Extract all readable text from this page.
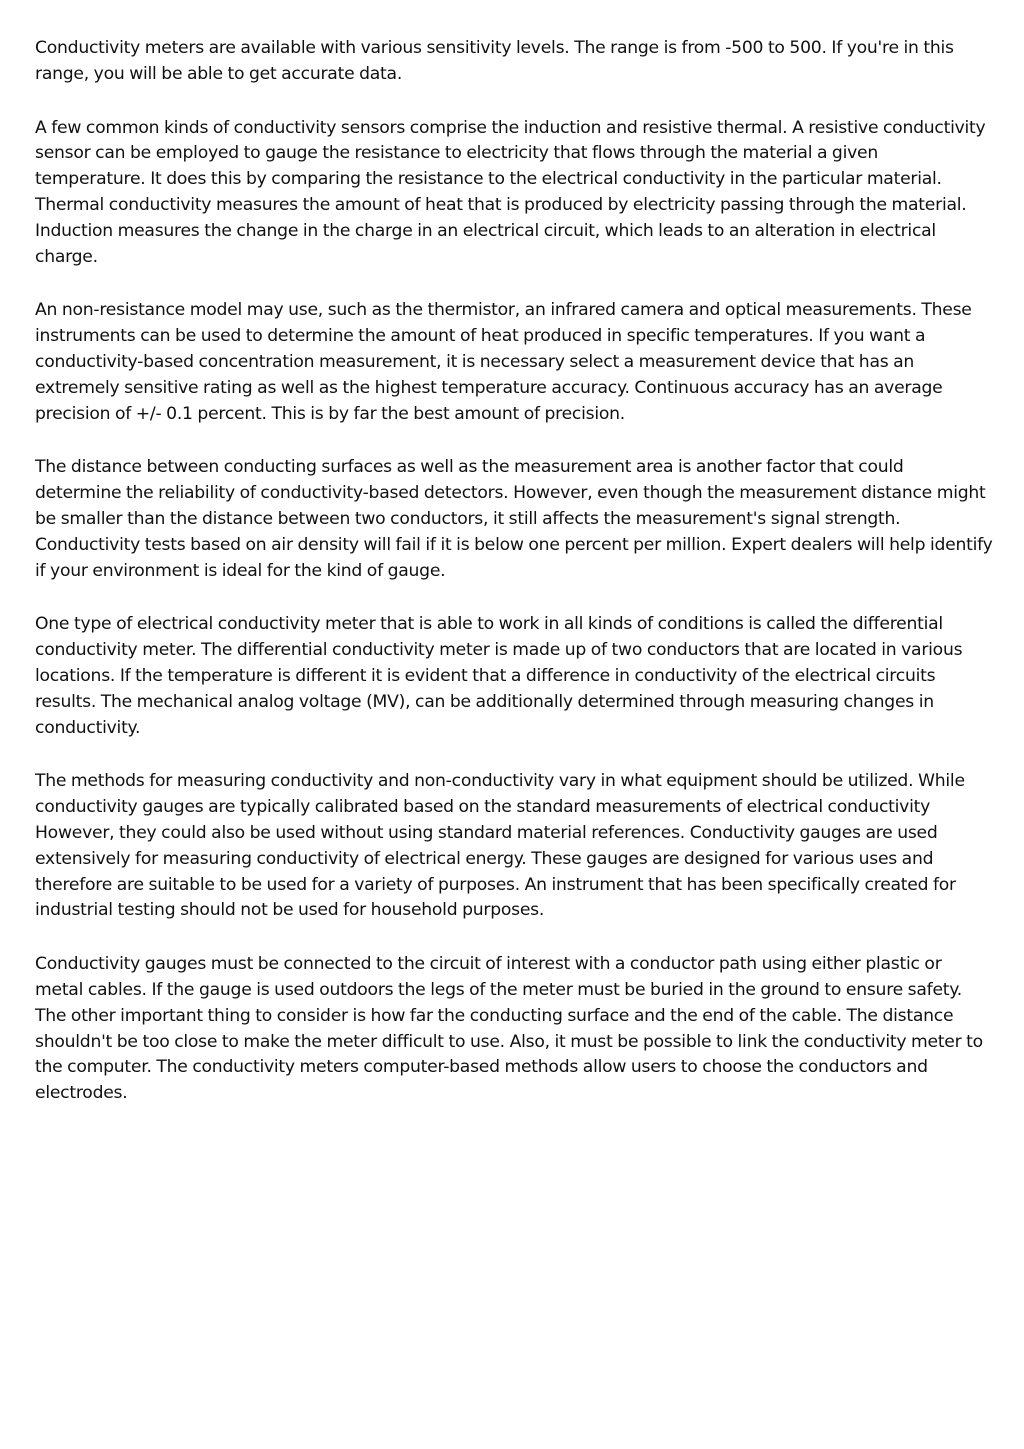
Conductivity meters are available with various sensitivity levels. The range is from -500 to 500. If you're in this range, you will be able to get accurate data.

A few common kinds of conductivity sensors comprise the induction and resistive thermal. A resistive conductivity sensor can be employed to gauge the resistance to electricity that flows through the material a given temperature. It does this by comparing the resistance to the electrical conductivity in the particular material. Thermal conductivity measures the amount of heat that is produced by electricity passing through the material. Induction measures the change in the charge in an electrical circuit, which leads to an alteration in electrical charge.

An non-resistance model may use, such as the thermistor, an infrared camera and optical measurements. These instruments can be used to determine the amount of heat produced in specific temperatures. If you want a conductivity-based concentration measurement, it is necessary select a measurement device that has an extremely sensitive rating as well as the highest temperature accuracy. Continuous accuracy has an average precision of +/- 0.1 percent. This is by far the best amount of precision.

The distance between conducting surfaces as well as the measurement area is another factor that could determine the reliability of conductivity-based detectors. However, even though the measurement distance might be smaller than the distance between two conductors, it still affects the measurement's signal strength. Conductivity tests based on air density will fail if it is below one percent per million. Expert dealers will help identify if your environment is ideal for the kind of gauge.

One type of electrical conductivity meter that is able to work in all kinds of conditions is called the differential conductivity meter. The differential conductivity meter is made up of two conductors that are located in various locations. If the temperature is different it is evident that a difference in conductivity of the electrical circuits results. The mechanical analog voltage (MV), can be additionally determined through measuring changes in conductivity.

The methods for measuring conductivity and non-conductivity vary in what equipment should be utilized. While conductivity gauges are typically calibrated based on the standard measurements of electrical conductivity However, they could also be used without using standard material references. Conductivity gauges are used extensively for measuring conductivity of electrical energy. These gauges are designed for various uses and therefore are suitable to be used for a variety of purposes. An instrument that has been specifically created for industrial testing should not be used for household purposes.

Conductivity gauges must be connected to the circuit of interest with a conductor path using either plastic or metal cables. If the gauge is used outdoors the legs of the meter must be buried in the ground to ensure safety. The other important thing to consider is how far the conducting surface and the end of the cable. The distance shouldn't be too close to make the meter difficult to use. Also, it must be possible to link the conductivity meter to the computer. The conductivity meters computer-based methods allow users to choose the conductors and electrodes.
